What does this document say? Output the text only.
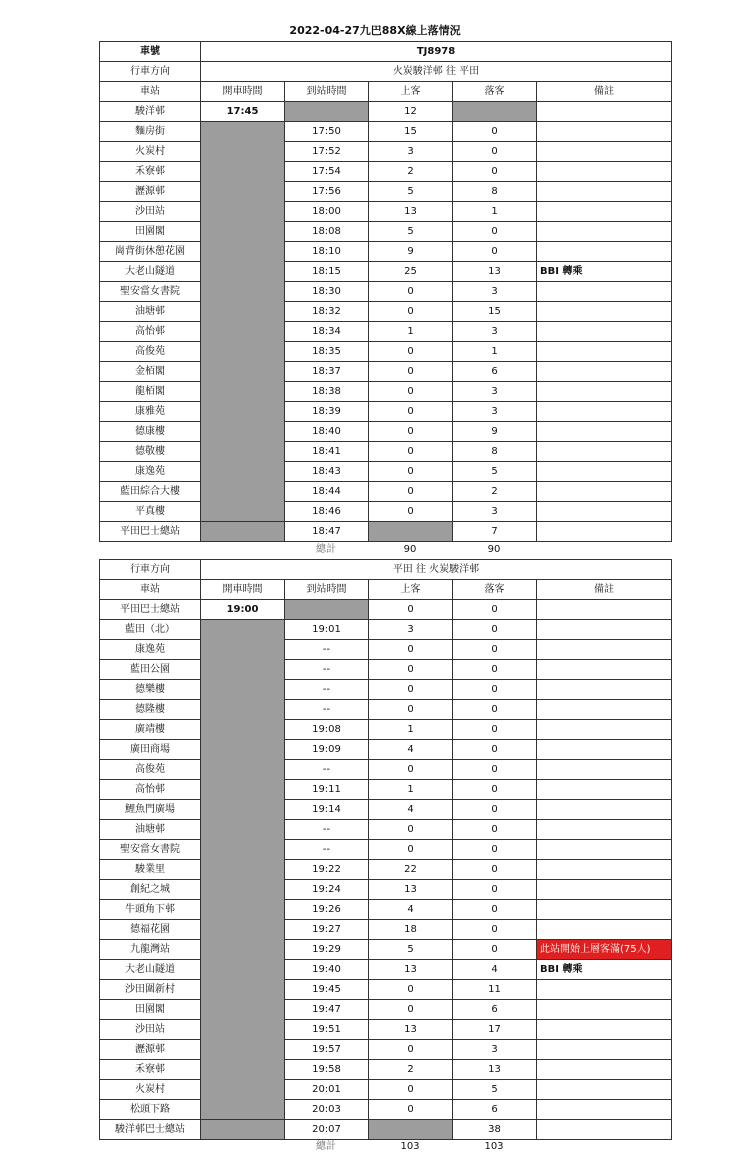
2022-04-27九巴88X線上落情況
車號	TJ8978				
行車方向	火炭駿洋邨 往 平田				
車站	開車時間	到站時間	上客	落客	備註
駿洋邨	17:45		12		
麵房街		17:50	15	0	
火炭村		17:52	3	0	
禾寮邨		17:54	2	0	
瀝源邨		17:56	5	8	
沙田站		18:00	13	1	
田園閣		18:08	5	0	
崗背街休憩花園		18:10	9	0	
大老山隧道		18:15	25	13	BBI 轉乘
聖安當女書院		18:30	0	3	
油塘邨		18:32	0	15	
高怡邨		18:34	1	3	
高俊苑		18:35	0	1	
金栢閣		18:37	0	6	
龍栢閣		18:38	0	3	
康雅苑		18:39	0	3	
德康樓		18:40	0	9	
德敬樓		18:41	0	8	
康逸苑		18:43	0	5	
藍田綜合大樓		18:44	0	2	
平真樓		18:46	0	3	
平田巴士總站		18:47		7	
總計	90	90
行車方向	平田 往 火炭駿洋邨				
車站	開車時間	到站時間	上客	落客	備註
平田巴士總站	19:00		0	0	
藍田（北）		19:01	3	0	
康逸苑		--	0	0	
藍田公園		--	0	0	
德樂樓		--	0	0	
德隆樓		--	0	0	
廣靖樓		19:08	1	0	
廣田商場		19:09	4	0	
高俊苑		--	0	0	
高怡邨		19:11	1	0	
鯉魚門廣場		19:14	4	0	
油塘邨		--	0	0	
聖安當女書院		--	0	0	
駿業里		19:22	22	0	
創紀之城		19:24	13	0	
牛頭角下邨		19:26	4	0	
德福花園		19:27	18	0	
九龍灣站		19:29	5	0	此站開始上層客滿(75人)
大老山隧道		19:40	13	4	BBI 轉乘
沙田圍新村		19:45	0	11	
田園閣		19:47	0	6	
沙田站		19:51	13	17	
瀝源邨		19:57	0	3	
禾寮邨		19:58	2	13	
火炭村		20:01	0	5	
松頭下路		20:03	0	6	
駿洋邨巴士總站		20:07		38	
總計	103	103
